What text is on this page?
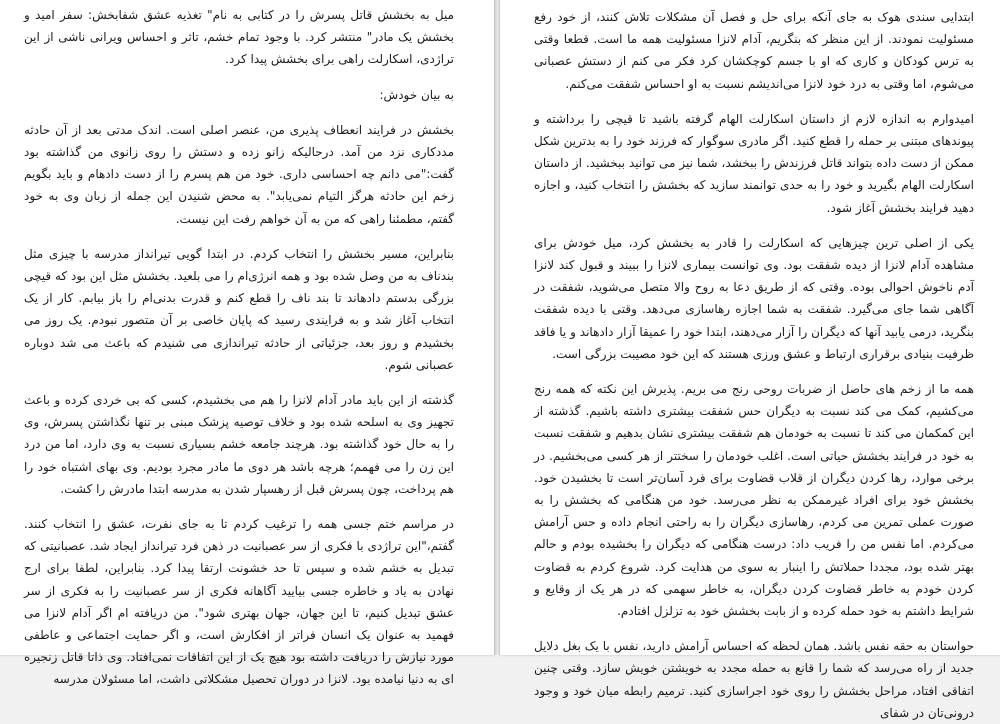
ابتدایی سندی هوک به جای آنکه برای حل و فصل آن مشکلات تلاش کنند، از خود رفع مسئولیت نمودند. از این منظر که بنگریم، آدام لانزا مسئولیت همه ما است. قطعا وقتی به ترس کودکان و کاری که او با جسم کوچکشان کرد فکر می کنم از دستش عصبانی می‌شوم، اما وقتی به درد خود لانزا می‌اندیشم نسبت به او احساس شفقت می‌کنم.

امیدوارم به اندازه لازم از داستان اسکارلت الهام گرفته باشید تا قیچی را برداشته و پیوندهای مبتنی بر حمله را قطع کنید. اگر مادری سوگوار که فرزند خود را به بدترین شکل ممکن از دست داده بتواند قاتل فرزندش را ببخشد، شما نیز می توانید ببخشید. از داستان اسکارلت الهام بگیرید و خود را به حدی توانمند سازید که بخشش را انتخاب کنید، و اجازه دهید فرایند بخشش آغاز شود.

یکی از اصلی ترین چیزهایی که اسکارلت را قادر به بخشش کرد، میل خودش برای مشاهده آدام لانزا از دیده شفقت بود. وی توانست بیماری لانزا را ببیند و قبول کند لانزا آدم ناخوش احوالی بوده. وقتی که از طریق دعا به روح والا متصل می‌شوید، شفقت در آگاهی شما جای می‌گیرد. شفقت به شما اجازه رهاسازی می‌دهد. وقتی با دیده شفقت بنگرید، درمی یابید آنها که دیگران را آزار می‌دهند، ابتدا خود را عمیقا آزار دادهاند و یا فاقد ظرفیت بنیادی برقراری ارتباط و عشق ورزی هستند که این خود مصیبت بزرگی است.

همه ما از زخم های حاصل از ضربات روحی رنج می بریم. پذیرش این نکته که همه رنج می‌کشیم، کمک می کند نسبت به دیگران حس شفقت بیشتری داشته باشیم. گذشته از این کمکمان می کند تا نسبت به خودمان هم شفقت بیشتری نشان بدهیم و شفقت نسبت به خود در فرایند بخشش حیاتی است. اغلب خودمان را سختتر از هر کسی می‌بخشیم. در برخی موارد، رها کردن دیگران از قلاب قضاوت برای فرد آسان‌تر است تا بخشیدن خود. بخشش خود برای افراد غیرممکن به نظر می‌رسد. خود من هنگامی که بخشش را به صورت عملی تمرین می کردم، رهاسازی دیگران را به راحتی انجام داده و حس آرامش می‌کردم. اما نفس من را فریب داد: درست هنگامی که دیگران را بخشیده بودم و حالم بهتر شده بود، مجددا حملاتش را اینبار به سوی من هدایت کرد. شروع کردم به قضاوت کردن خودم به خاطر قضاوت کردن دیگران، به خاطر سهمی که در هر یک از وقایع و شرایط داشتم به خود حمله کرده و از بابت بخشش خود به تزلزل افتادم.

حواستان به حقه نفس باشد. همان لحظه که احساس آرامش دارید، نفس با یک بغل دلایل جدید از راه می‌رسد که شما را قانع به حمله مجدد به خویشتن خویش سازد. وقتی چنین اتفاقی افتاد، مراحل بخشش را روی خود اجراسازی کنید. ترمیم رابطه میان خود و وجود درونی‌تان در شفای

میل به بخشش قاتل پسرش را در کتابی به نام" تغذیه عشق شفابخش: سفر امید و بخشش یک مادر" منتشر کرد. با وجود تمام خشم، تاثر و احساس ویرانی ناشی از این تراژدی، اسکارلت راهی برای بخشش پیدا کرد.

به بیان خودش:

بخشش در فرایند انعطاف پذیری من، عنصر اصلی است. اندک مدتی بعد از آن حادثه مددکاری نزد من آمد. درحالیکه زانو زده و دستش را روی زانوی من گذاشته بود گفت:"می دانم چه احساسی داری. خود من هم پسرم را از دست دادهام و باید بگویم زخم این حادثه هرگز التیام نمی‌یابد". به محض شنیدن این جمله از زبان وی به خود گفتم، مطمئنا راهی که من به آن خواهم رفت این نیست.

بنابراین، مسیر بخشش را انتخاب کردم. در ابتدا گویی تیرانداز مدرسه با چیزی مثل بندناف به من وصل شده بود و همه انرژی‌ام را می بلعید. بخشش مثل این بود که قیچی بزرگی بدستم دادهاند تا بند ناف را قطع کنم و قدرت بدنی‌ام را باز بیابم. کار از یک انتخاب آغاز شد و به فرایندی رسید که پایان خاصی بر آن متصور نبودم. یک روز می بخشیدم و روز بعد، جزئیاتی از حادثه تیراندازی می شنیدم که باعث می شد دوباره عصبانی شوم.

گذشته از این باید مادر آدام لانزا را هم می بخشیدم، کسی که بی خردی کرده و باعث تجهیز وی به اسلحه شده بود و خلاف توصیه پزشک مبنی بر تنها نگذاشتن پسرش، وی را به حال خود گذاشته بود. هرچند جامعه خشم بسیاری نسبت به وی دارد، اما من درد این زن را می فهمم؛ هرچه باشد هر دوی ما مادر مجرد بودیم. وی بهای اشتباه خود را هم پرداخت، چون پسرش قبل از رهسپار شدن به مدرسه ابتدا مادرش را کشت.

در مراسم ختم جسی همه را ترغیب کردم تا به جای نفرت، عشق را انتخاب کنند. گفتم،"این تراژدی با فکری از سر عصبانیت در ذهن فرد تیرانداز ایجاد شد. عصبانیتی که تبدیل به خشم شده و سپس تا حد خشونت ارتقا پیدا کرد. بنابراین، لطفا برای ارج نهادن به یاد و خاطره جسی بیایید آگاهانه فکری از سر عصبانیت را به فکری از سر عشق تبدیل کنیم، تا این جهان، جهان بهتری شود". من دریافته ام اگر آدام لانزا می فهمید به عنوان یک انسان فراتر از افکارش است، و اگر حمایت اجتماعی و عاطفی مورد نیازش را دریافت داشته بود هیچ یک از این اتفاقات نمی‌افتاد. وی ذاتا قاتل زنجیره ای به دنیا نیامده بود. لانزا در دوران تحصیل مشکلاتی داشت، اما مسئولان مدرسه
